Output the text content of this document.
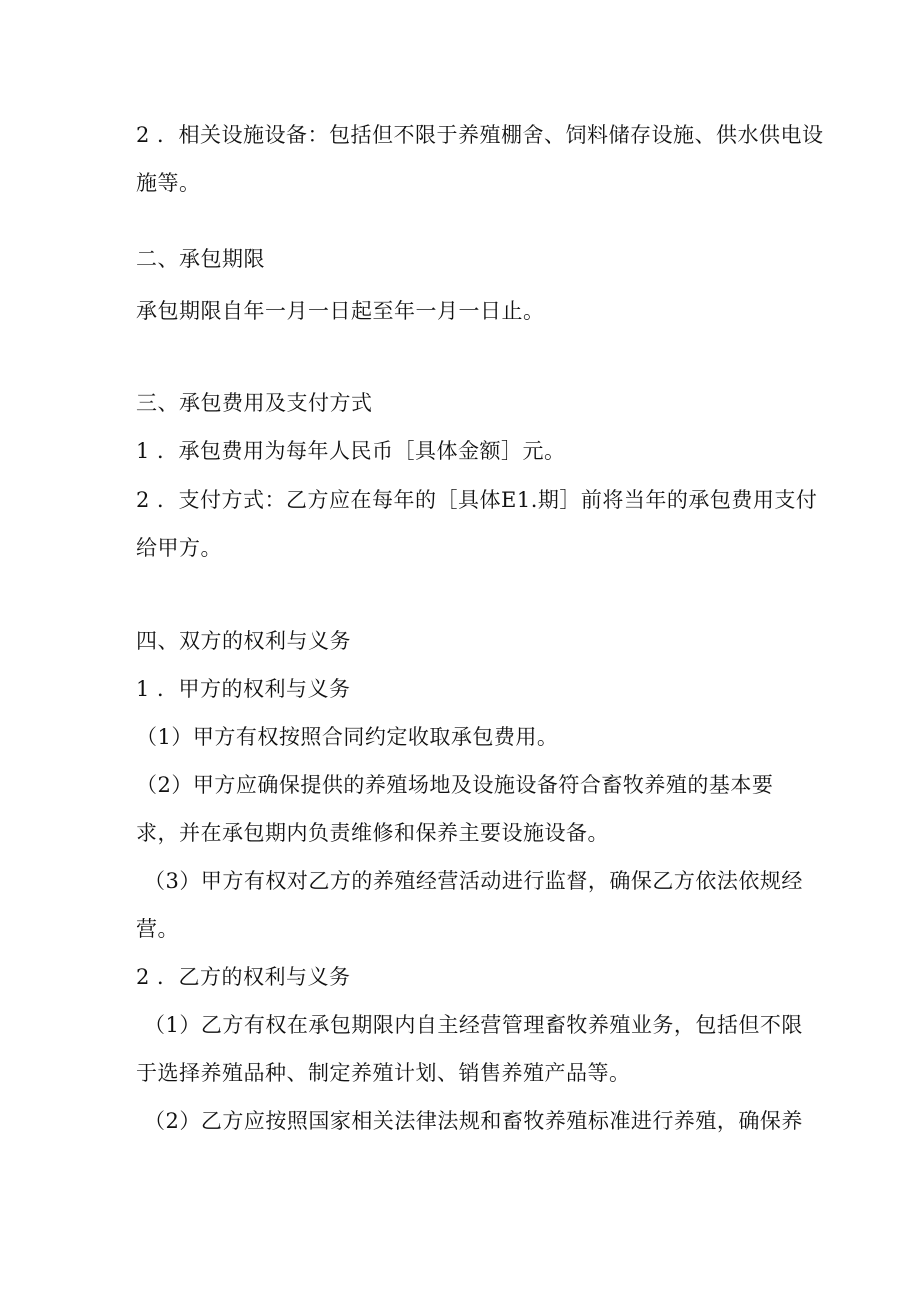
2 ．相关设施设备：包括但不限于养殖棚舍、饲料储存设施、供水供电设
施等。
二、承包期限
承包期限自年一月一日起至年一月一日止。
三、承包费用及支付方式
1 ．承包费用为每年人民币［具体金额］元。
2 ．支付方式：乙方应在每年的［具体E1.期］前将当年的承包费用支付
给甲方。
四、双方的权利与义务
1 ．甲方的权利与义务
（1）甲方有权按照合同约定收取承包费用。
（2）甲方应确保提供的养殖场地及设施设备符合畜牧养殖的基本要
求，并在承包期内负责维修和保养主要设施设备。
（3）甲方有权对乙方的养殖经营活动进行监督，确保乙方依法依规经
营。
2 ．乙方的权利与义务
（1）乙方有权在承包期限内自主经营管理畜牧养殖业务，包括但不限
于选择养殖品种、制定养殖计划、销售养殖产品等。
（2）乙方应按照国家相关法律法规和畜牧养殖标准进行养殖，确保养
